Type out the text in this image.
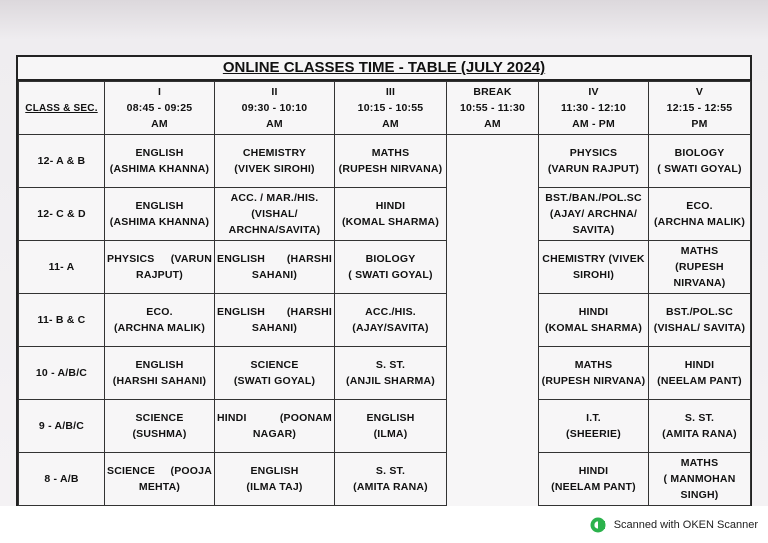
ONLINE CLASSES TIME - TABLE (JULY 2024)
CLASS & SEC.	I
08:45 - 09:25
AM	II
09:30 - 10:10
AM	III
10:15 - 10:55
AM	BREAK
10:55 - 11:30
AM	IV
11:30 - 12:10
AM - PM	V
12:15 - 12:55
PM

12- A & B	ENGLISH
(ASHIMA KHANNA)	CHEMISTRY
(VIVEK SIROHI)	MATHS
(RUPESH NIRVANA)		PHYSICS
(VARUN RAJPUT)	BIOLOGY
( SWATI GOYAL)

12- C & D	ENGLISH
(ASHIMA KHANNA)	ACC. / MAR./HIS.
(VISHAL/
ARCHNA/SAVITA)	HINDI
(KOMAL SHARMA)		BST./BAN./POL.SC
(AJAY/ ARCHNA/
SAVITA)	ECO.
(ARCHNA MALIK)

11- A	PHYSICS (VARUN
RAJPUT)	ENGLISH (HARSHI
SAHANI)	BIOLOGY
( SWATI GOYAL)		CHEMISTRY (VIVEK
SIROHI)	MATHS
(RUPESH NIRVANA)

11- B & C	ECO.
(ARCHNA MALIK)	ENGLISH (HARSHI
SAHANI)	ACC./HIS.
(AJAY/SAVITA)		HINDI
(KOMAL SHARMA)	BST./POL.SC
(VISHAL/ SAVITA)

10 - A/B/C	ENGLISH
(HARSHI SAHANI)	SCIENCE
(SWATI GOYAL)	S. ST.
(ANJIL SHARMA)		MATHS
(RUPESH NIRVANA)	HINDI
(NEELAM PANT)

9 - A/B/C	SCIENCE (SUSHMA)	HINDI (POONAM
NAGAR)	ENGLISH
(ILMA)		I.T.
(SHEERIE)	S. ST.
(AMITA RANA)

8 - A/B	SCIENCE (POOJA
MEHTA)	ENGLISH
(ILMA TAJ)	S. ST.
(AMITA RANA)		HINDI
(NEELAM PANT)	MATHS
( MANMOHAN
SINGH)
Scanned with OKEN Scanner
